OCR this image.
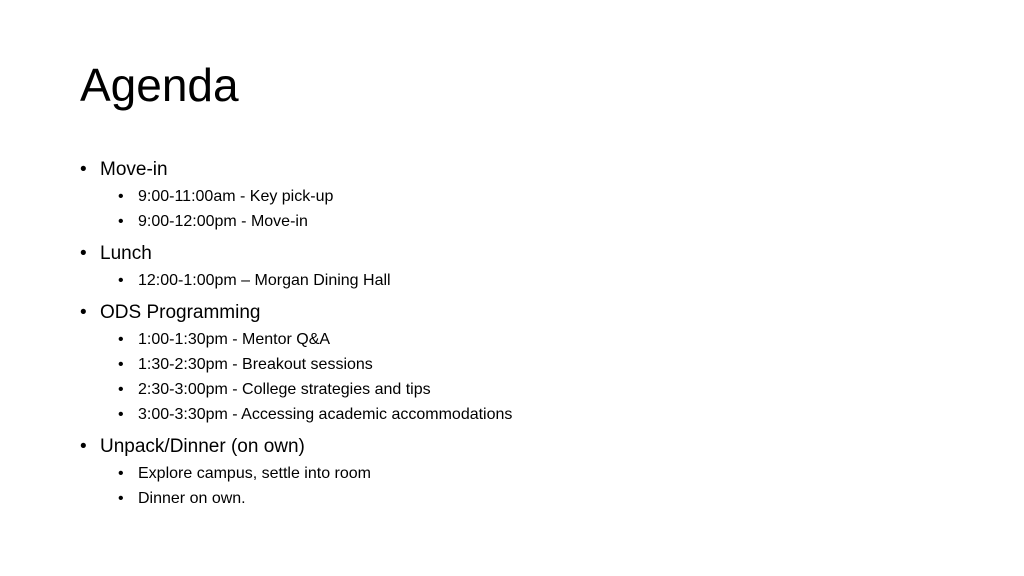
Agenda
• Move-in
• 9:00-11:00am - Key pick-up
• 9:00-12:00pm - Move-in
• Lunch
• 12:00-1:00pm – Morgan Dining Hall
• ODS Programming
• 1:00-1:30pm - Mentor Q&A
• 1:30-2:30pm - Breakout sessions
• 2:30-3:00pm - College strategies and tips
• 3:00-3:30pm - Accessing academic accommodations
• Unpack/Dinner (on own)
• Explore campus, settle into room
• Dinner on own.
